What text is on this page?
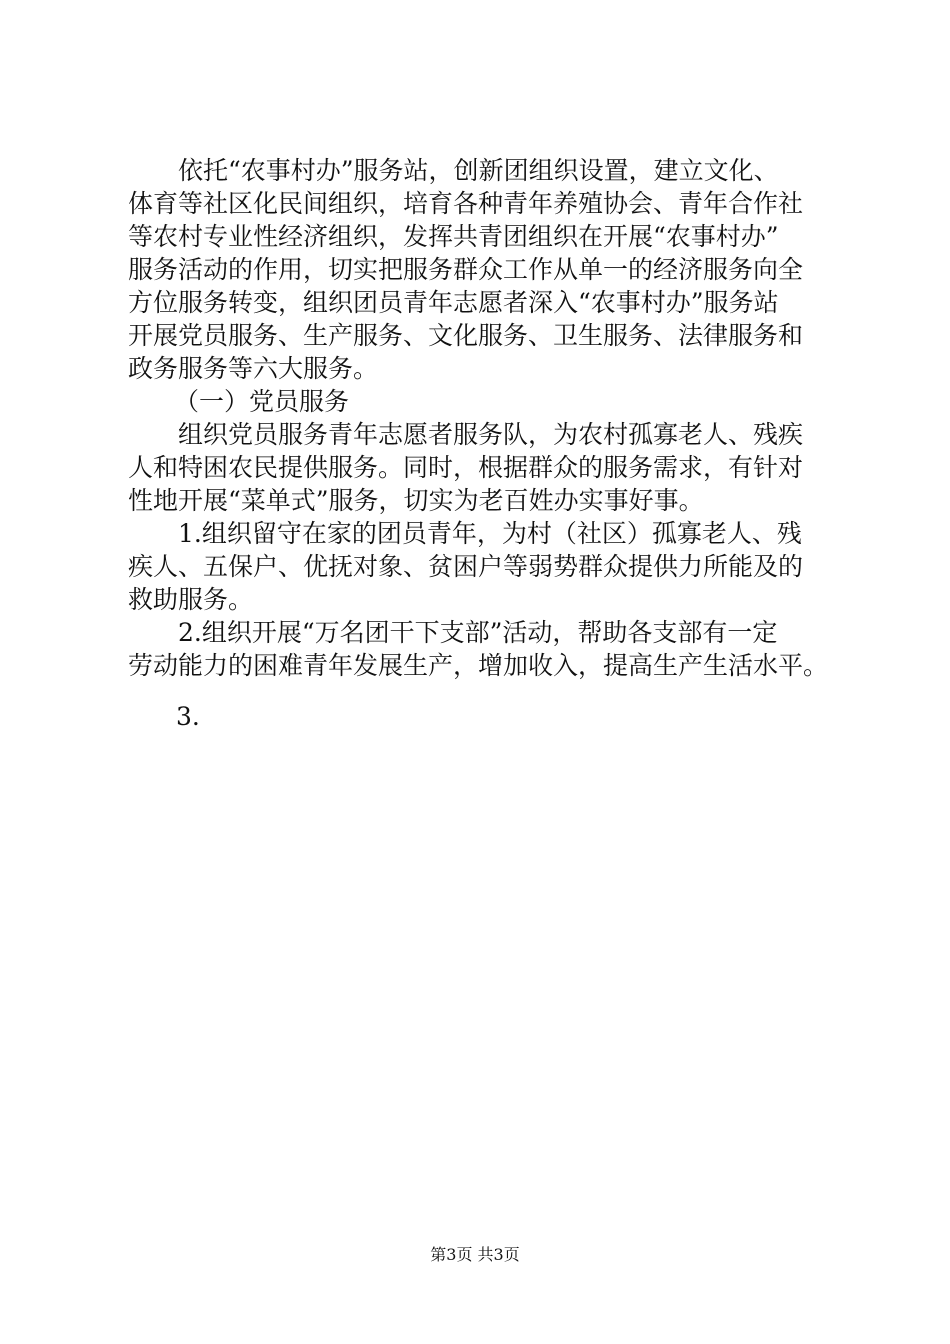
依托“农事村办”服务站，创新团组织设置，建立文化、
体育等社区化民间组织，培育各种青年养殖协会、青年合作社
等农村专业性经济组织，发挥共青团组织在开展“农事村办”
服务活动的作用，切实把服务群众工作从单一的经济服务向全
方位服务转变，组织团员青年志愿者深入“农事村办”服务站
开展党员服务、生产服务、文化服务、卫生服务、法律服务和
政务服务等六大服务。
（一）党员服务
组织党员服务青年志愿者服务队，为农村孤寡老人、残疾
人和特困农民提供服务。同时，根据群众的服务需求，有针对
性地开展“菜单式”服务，切实为老百姓办实事好事。
1.组织留守在家的团员青年，为村（社区）孤寡老人、残
疾人、五保户、优抚对象、贫困户等弱势群众提供力所能及的
救助服务。
2.组织开展“万名团干下支部”活动，帮助各支部有一定
劳动能力的困难青年发展生产，增加收入，提高生产生活水平。
3.
第3页 共3页
